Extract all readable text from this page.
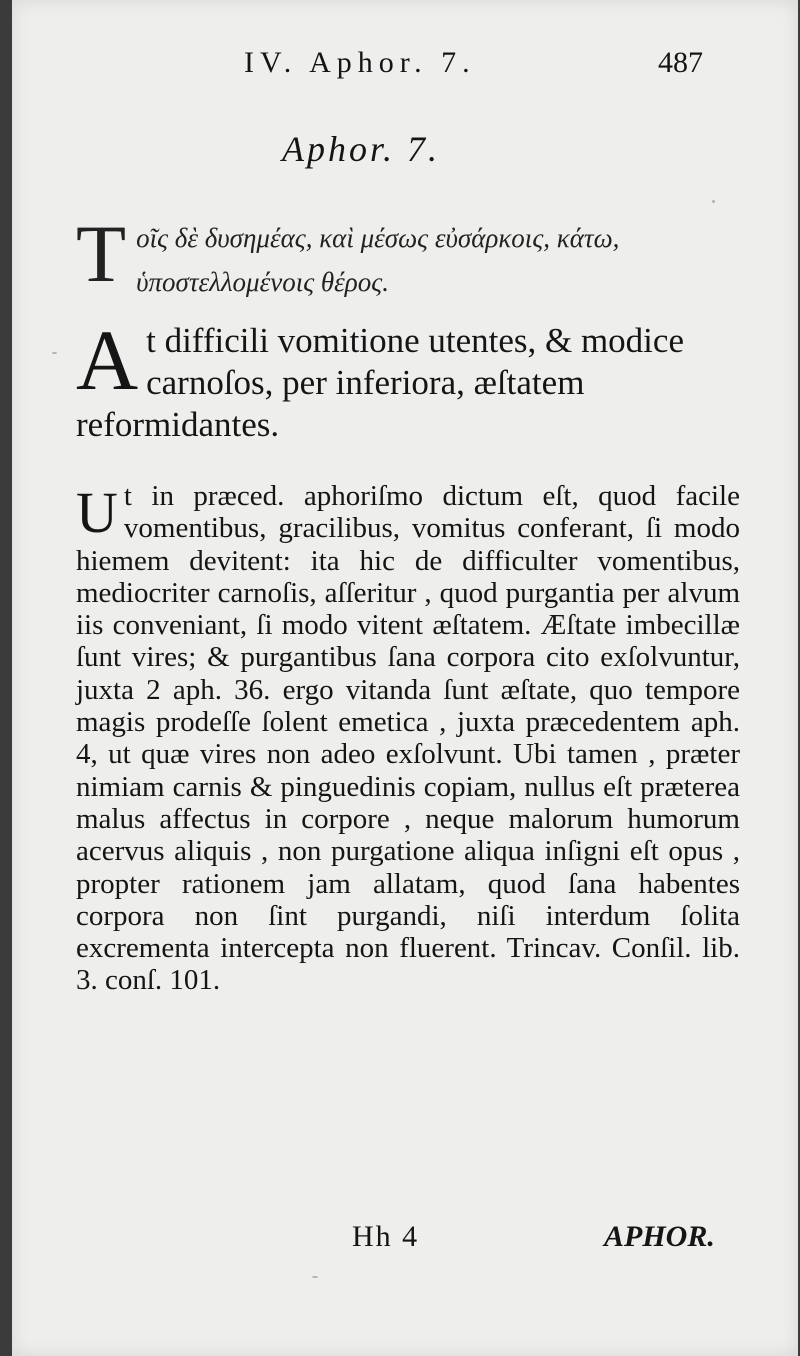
IV. Aphor. 7.	487
Aphor. 7.
T οῖς δὲ δυσημέας, καὶ μέσως εὐσάρκοις, κάτω, ὑποστελλομένοις θέρος.
A t difficili vomitione utentes, & modice carnoſos, per inferiora, æſtatem reformidantes.
U t in præced. aphoriſmo dictum eſt, quod facile vomentibus, gracilibus, vomitus conferant, ſi modo hiemem devitent: ita hic de difficulter vomentibus, mediocriter carnoſis, aſſeritur , quod purgantia per alvum iis conveniant, ſi modo vitent æſtatem. Æſtate imbecillæ ſunt vires; & purgantibus ſana corpora cito exſolvuntur, juxta 2 aph. 36. ergo vitanda ſunt æſtate, quo tempore magis prodeſſe ſolent emetica , juxta præcedentem aph. 4, ut quæ vires non adeo exſolvunt. Ubi tamen , præter nimiam carnis & pinguedinis copiam, nullus eſt præterea malus affectus in corpore , neque malorum humorum acervus aliquis , non purgatione aliqua inſigni eſt opus , propter rationem jam allatam, quod ſana habentes corpora non ſint purgandi, niſi interdum ſolita excrementa intercepta non fluerent. Trincav. Conſil. lib. 3. conſ. 101.
Hh 4	APHOR.
